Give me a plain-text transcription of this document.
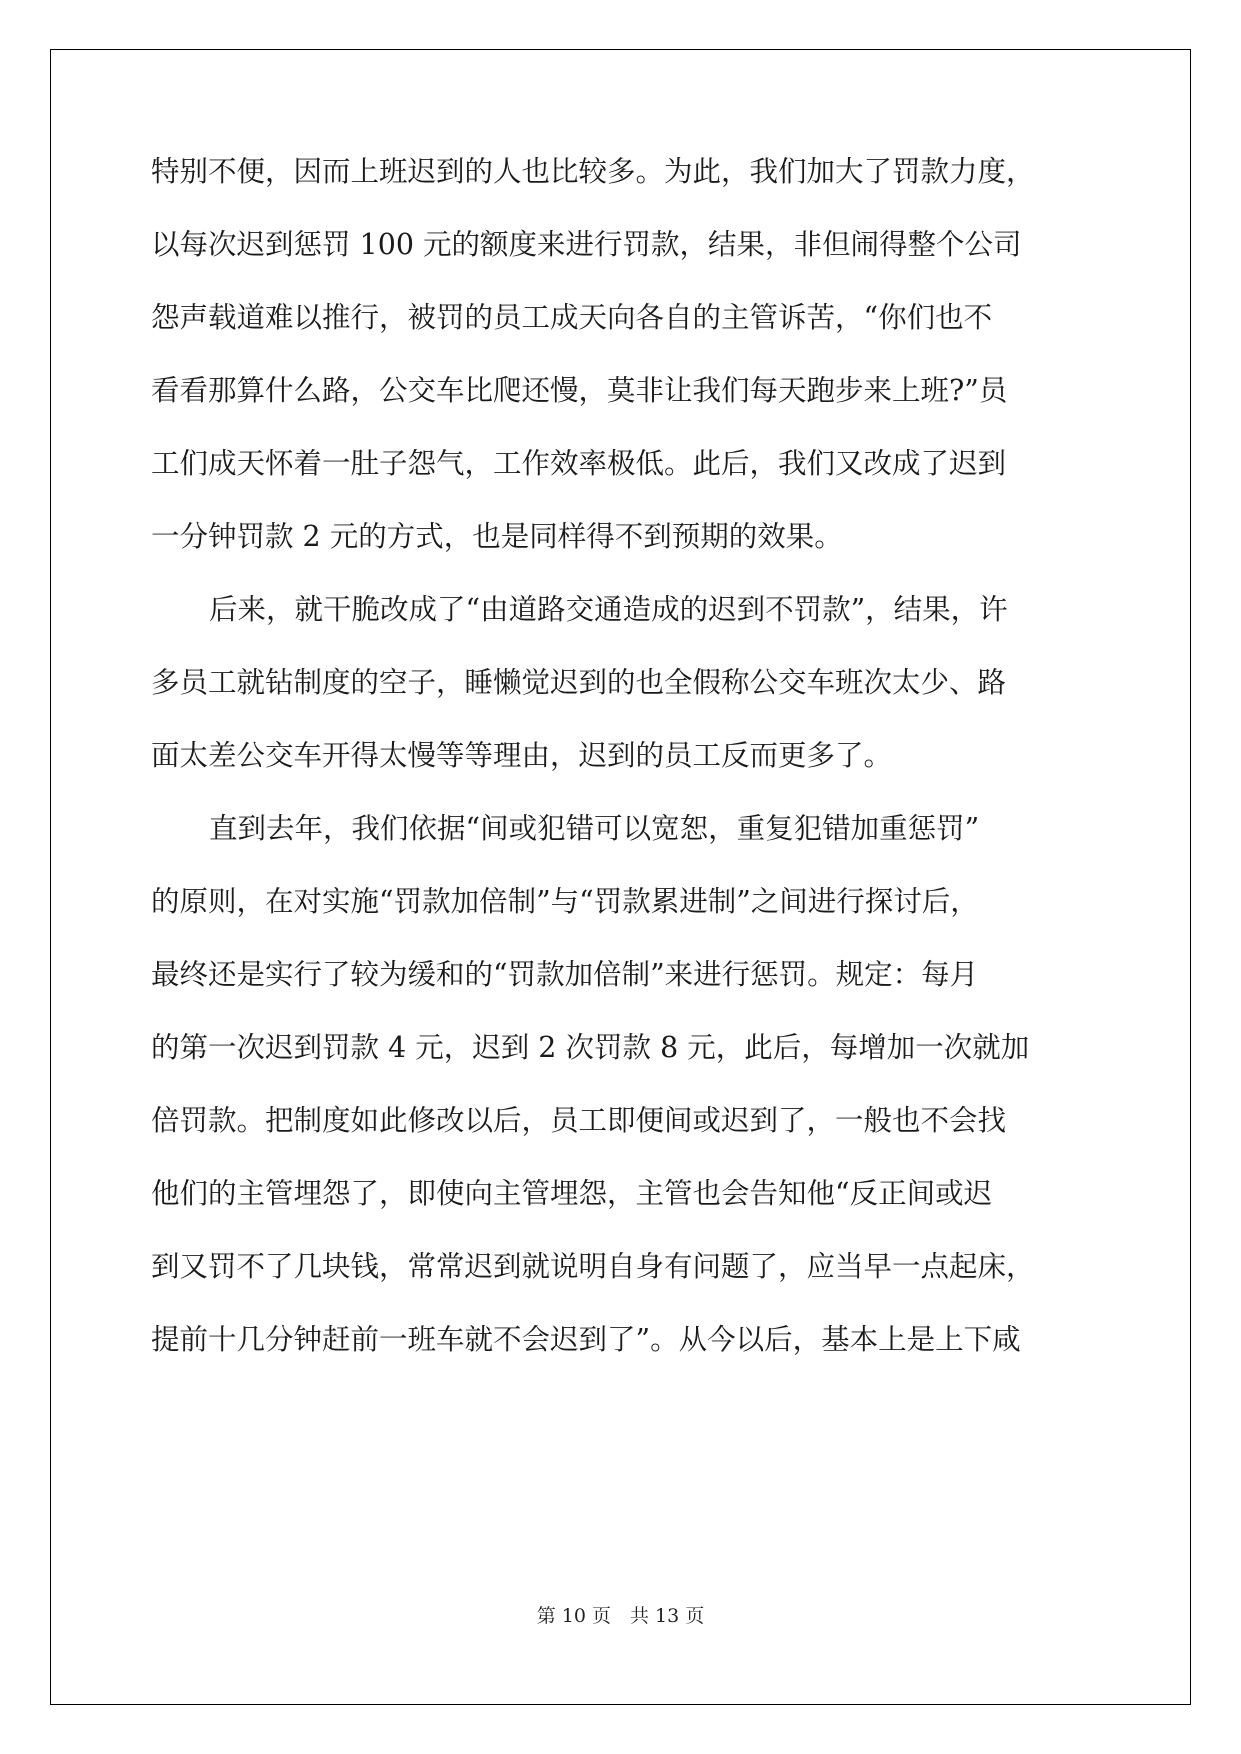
特别不便，因而上班迟到的人也比较多。为此，我们加大了罚款力度，
以每次迟到惩罚 100 元的额度来进行罚款，结果，非但闹得整个公司
怨声载道难以推行，被罚的员工成天向各自的主管诉苦，“你们也不
看看那算什么路，公交车比爬还慢，莫非让我们每天跑步来上班?”员
工们成天怀着一肚子怨气，工作效率极低。此后，我们又改成了迟到
一分钟罚款 2 元的方式，也是同样得不到预期的效果。
后来，就干脆改成了“由道路交通造成的迟到不罚款”，结果，许
多员工就钻制度的空子，睡懒觉迟到的也全假称公交车班次太少、路
面太差公交车开得太慢等等理由，迟到的员工反而更多了。
直到去年，我们依据“间或犯错可以宽恕，重复犯错加重惩罚”
的原则，在对实施“罚款加倍制”与“罚款累进制”之间进行探讨后，
最终还是实行了较为缓和的“罚款加倍制”来进行惩罚。规定：每月
的第一次迟到罚款 4 元，迟到 2 次罚款 8 元，此后，每增加一次就加
倍罚款。把制度如此修改以后，员工即便间或迟到了，一般也不会找
他们的主管埋怨了，即使向主管埋怨，主管也会告知他“反正间或迟
到又罚不了几块钱，常常迟到就说明自身有问题了，应当早一点起床，
提前十几分钟赶前一班车就不会迟到了”。从今以后，基本上是上下咸
第 10 页　共 13 页
